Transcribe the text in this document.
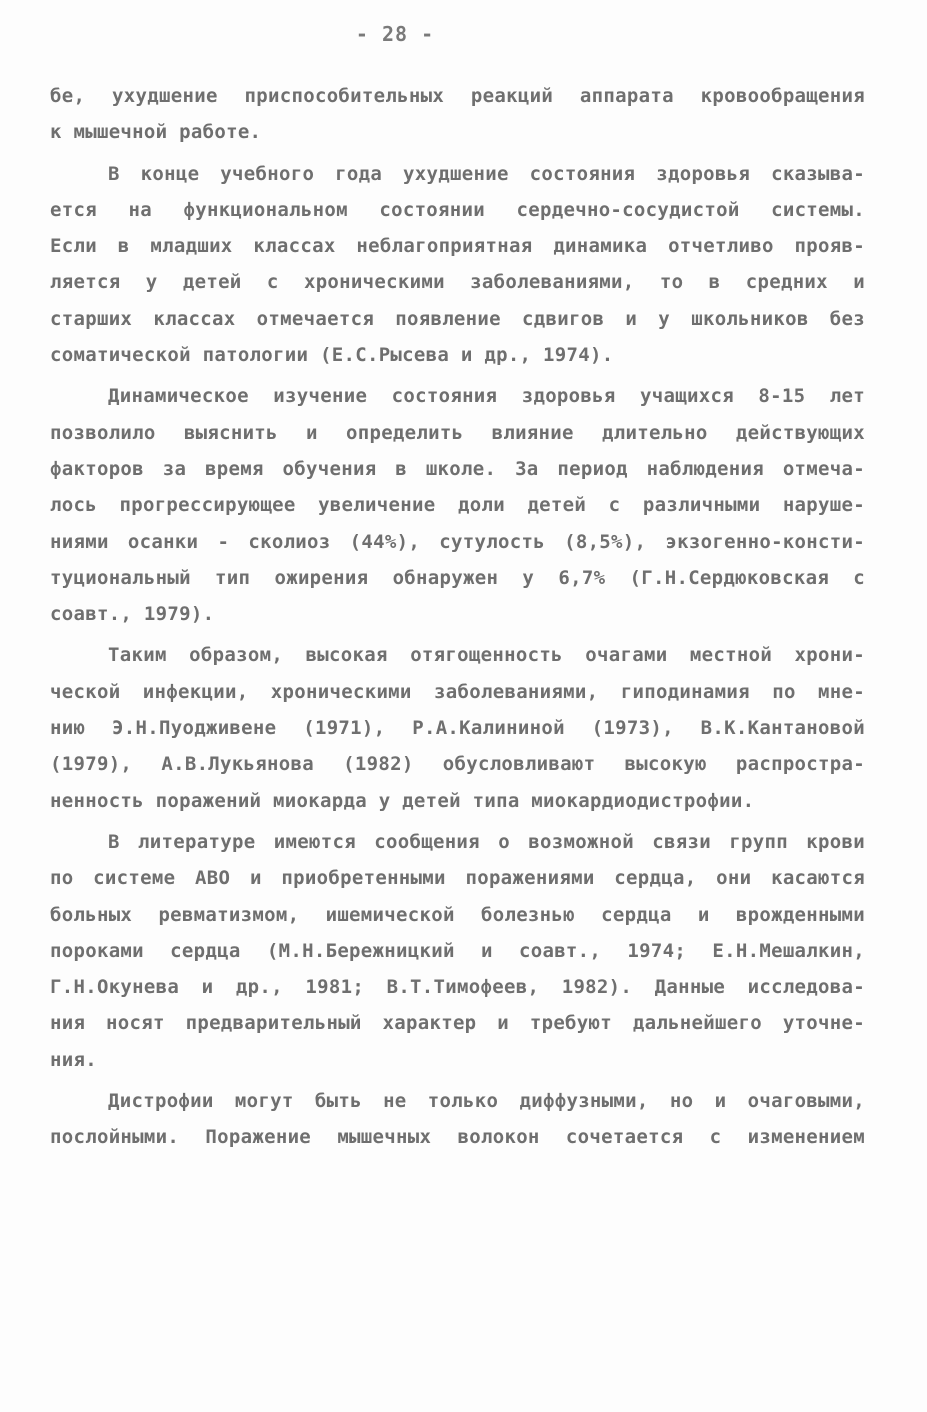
- 28 -
бе, ухудшение приспособительных реакций аппарата кровообращения
к мышечной работе.
В конце учебного года ухудшение состояния здоровья сказыва-
ется на функциональном состоянии сердечно-сосудистой системы.
Если в младших классах неблагоприятная динамика отчетливо прояв-
ляется у детей с хроническими заболеваниями, то в средних и
старших классах отмечается появление сдвигов и у школьников без
соматической патологии (Е.С.Рысева и др., 1974).
Динамическое изучение состояния здоровья учащихся 8-15 лет
позволило выяснить и определить влияние длительно действующих
факторов за время обучения в школе. За период наблюдения отмеча-
лось прогрессирующее увеличение доли детей с различными наруше-
ниями осанки - сколиоз (44%), сутулость (8,5%), экзогенно-консти-
туциональный тип ожирения обнаружен у 6,7% (Г.Н.Сердюковская с
соавт., 1979).
Таким образом, высокая отягощенность очагами местной хрони-
ческой инфекции, хроническими заболеваниями, гиподинамия по мне-
нию Э.Н.Пуодживене (1971), Р.А.Калининой (1973), В.К.Кантановой
(1979), А.В.Лукьянова (1982) обусловливают высокую распростра-
ненность поражений миокарда у детей типа миокардиодистрофии.
В литературе имеются сообщения о возможной связи групп крови
по системе АВО и приобретенными поражениями сердца, они касаются
больных ревматизмом, ишемической болезнью сердца и врожденными
пороками сердца (М.Н.Бережницкий и соавт., 1974; Е.Н.Мешалкин,
Г.Н.Окунева и др., 1981; В.Т.Тимофеев, 1982). Данные исследова-
ния носят предварительный характер и требуют дальнейшего уточне-
ния.
Дистрофии могут быть не только диффузными, но и очаговыми,
послойными. Поражение мышечных волокон сочетается с изменением
